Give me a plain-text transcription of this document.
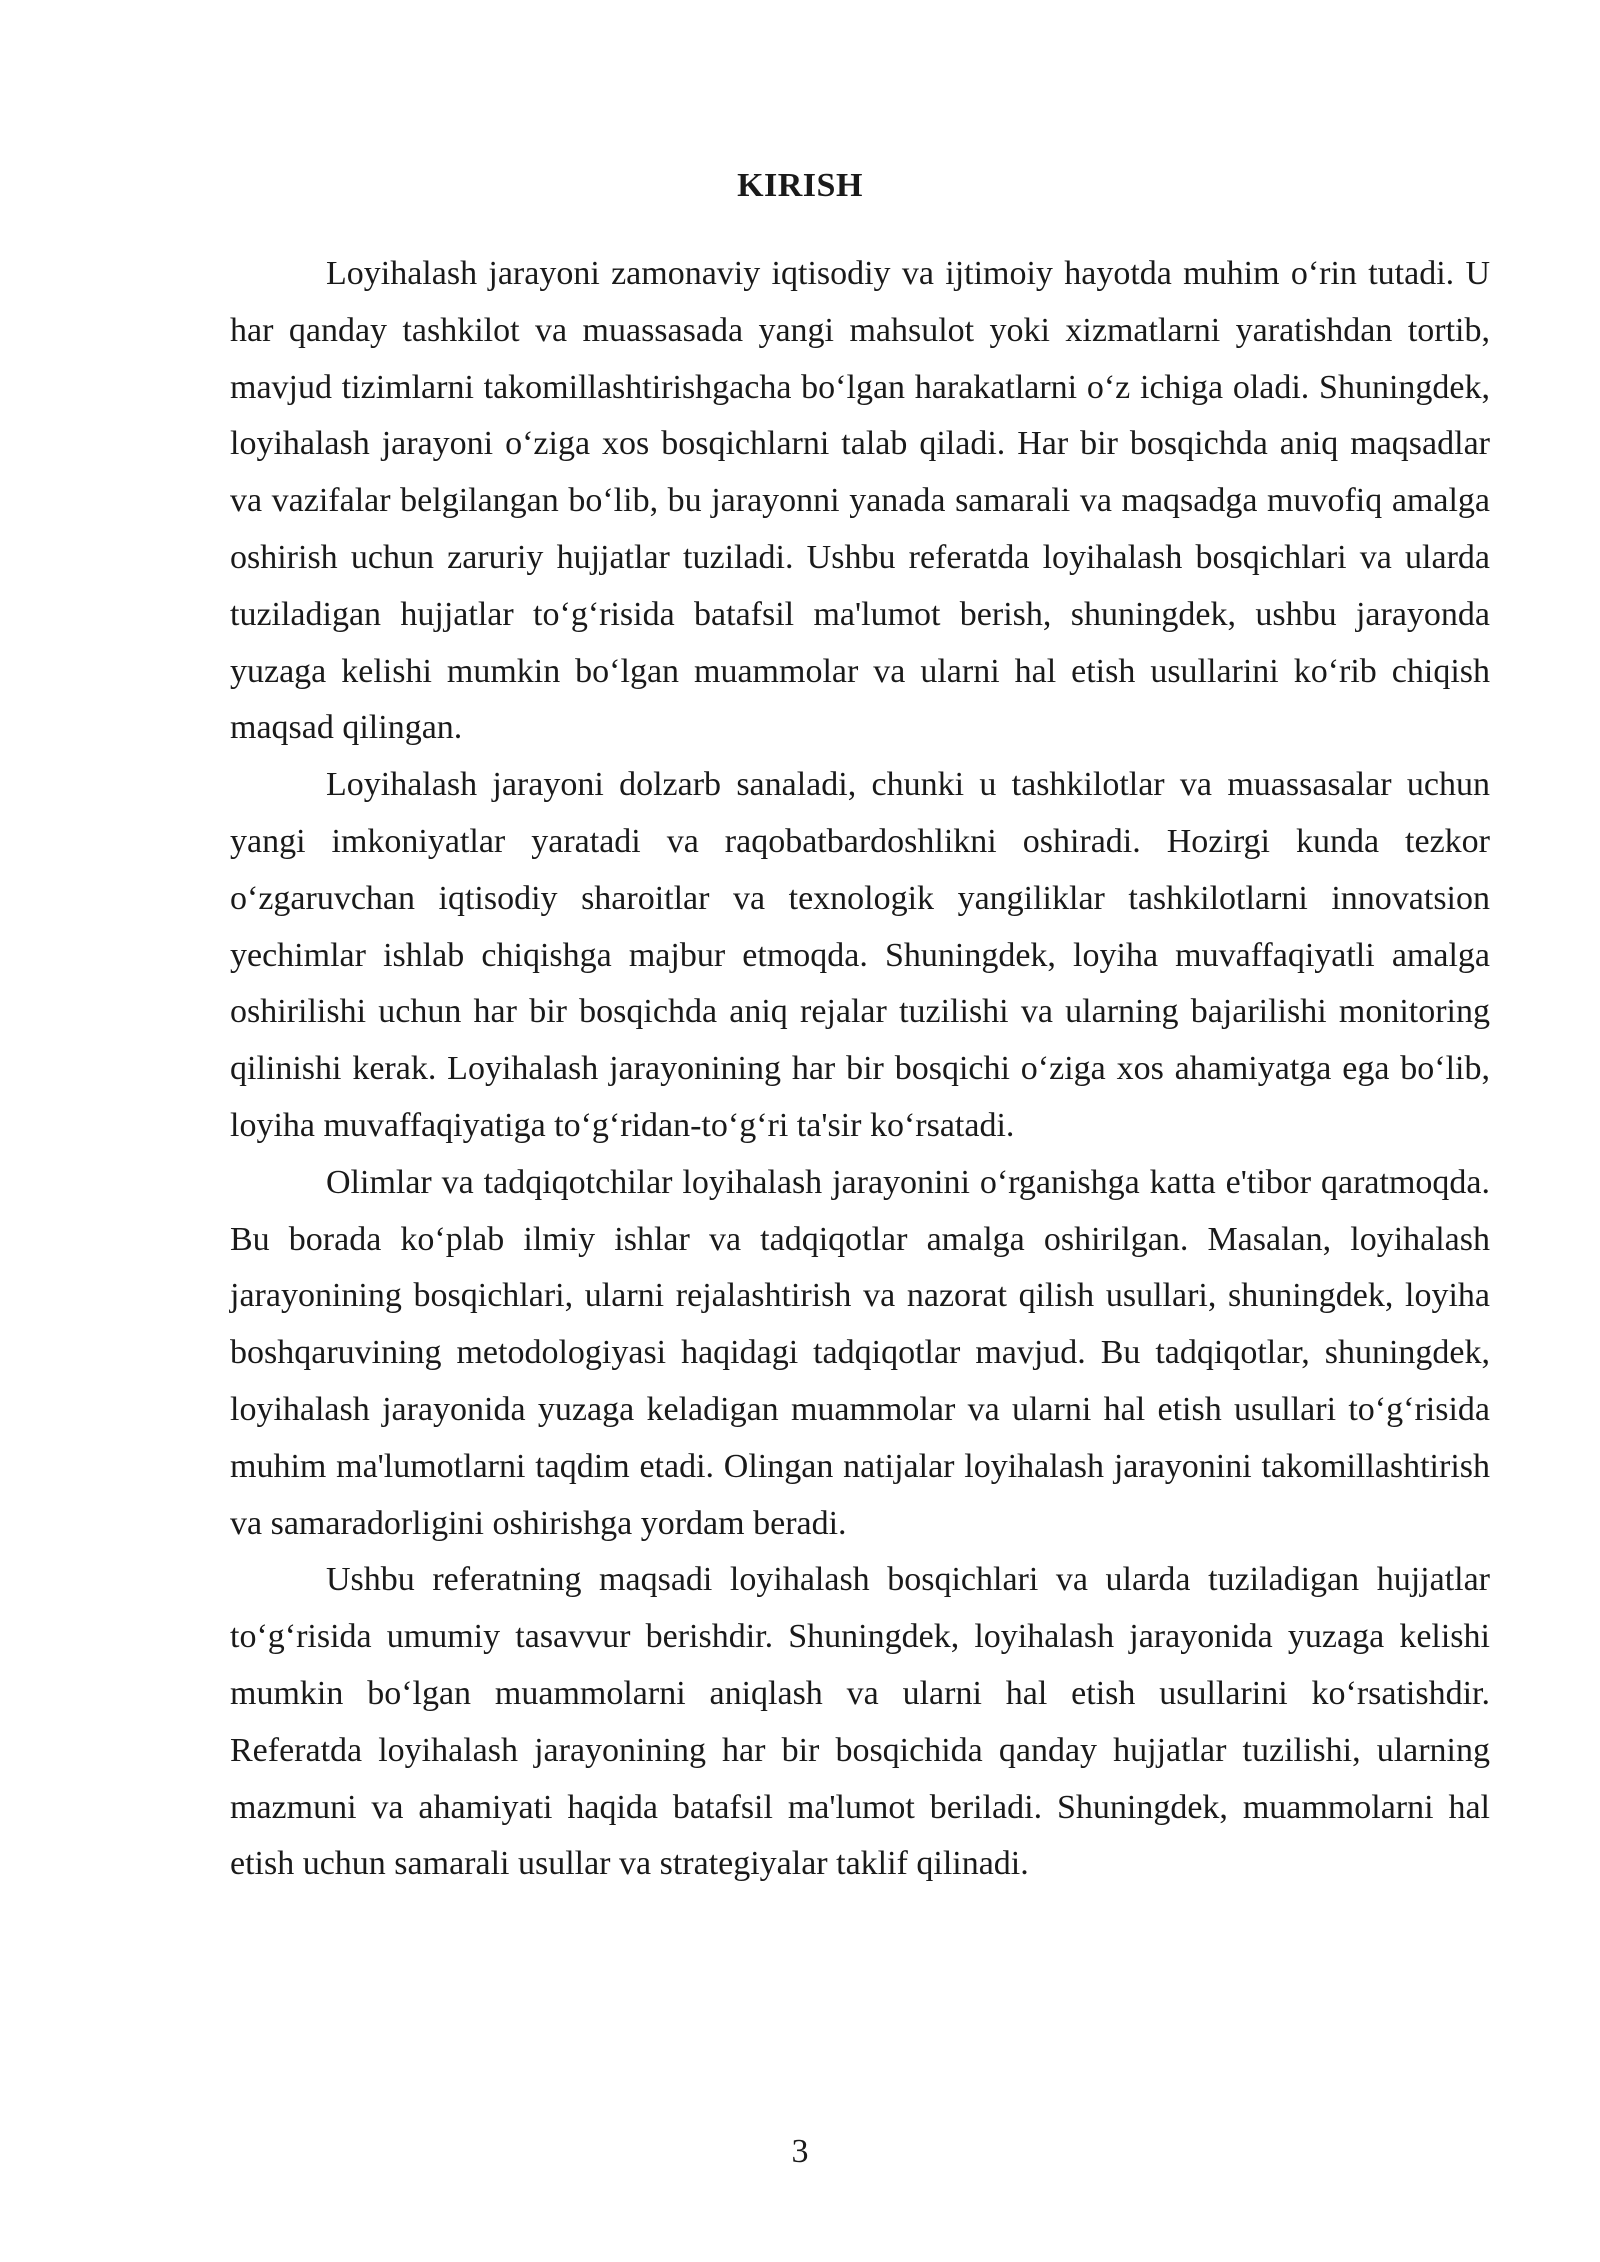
KIRISH

Loyihalash jarayoni zamonaviy iqtisodiy va ijtimoiy hayotda muhim o‘rin tutadi. U har qanday tashkilot va muassasada yangi mahsulot yoki xizmatlarni yaratishdan tortib, mavjud tizimlarni takomillashtirishgacha bo‘lgan harakatlarni o‘z ichiga oladi. Shuningdek, loyihalash jarayoni o‘ziga xos bosqichlarni talab qiladi. Har bir bosqichda aniq maqsadlar va vazifalar belgilangan bo‘lib, bu jarayonni yanada samarali va maqsadga muvofiq amalga oshirish uchun zaruriy hujjatlar tuziladi. Ushbu referatda loyihalash bosqichlari va ularda tuziladigan hujjatlar to‘g‘risida batafsil ma'lumot berish, shuningdek, ushbu jarayonda yuzaga kelishi mumkin bo‘lgan muammolar va ularni hal etish usullarini ko‘rib chiqish maqsad qilingan.

Loyihalash jarayoni dolzarb sanaladi, chunki u tashkilotlar va muassasalar uchun yangi imkoniyatlar yaratadi va raqobatbardoshlikni oshiradi. Hozirgi kunda tezkor o‘zgaruvchan iqtisodiy sharoitlar va texnologik yangiliklar tashkilotlarni innovatsion yechimlar ishlab chiqishga majbur etmoqda. Shuningdek, loyiha muvaffaqiyatli amalga oshirilishi uchun har bir bosqichda aniq rejalar tuzilishi va ularning bajarilishi monitoring qilinishi kerak. Loyihalash jarayonining har bir bosqichi o‘ziga xos ahamiyatga ega bo‘lib, loyiha muvaffaqiyatiga to‘g‘ridan-to‘g‘ri ta'sir ko‘rsatadi.

Olimlar va tadqiqotchilar loyihalash jarayonini o‘rganishga katta e'tibor qaratmoqda. Bu borada ko‘plab ilmiy ishlar va tadqiqotlar amalga oshirilgan. Masalan, loyihalash jarayonining bosqichlari, ularni rejalashtirish va nazorat qilish usullari, shuningdek, loyiha boshqaruvining metodologiyasi haqidagi tadqiqotlar mavjud. Bu tadqiqotlar, shuningdek, loyihalash jarayonida yuzaga keladigan muammolar va ularni hal etish usullari to‘g‘risida muhim ma'lumotlarni taqdim etadi. Olingan natijalar loyihalash jarayonini takomillashtirish va samaradorligini oshirishga yordam beradi.

Ushbu referatning maqsadi loyihalash bosqichlari va ularda tuziladigan hujjatlar to‘g‘risida umumiy tasavvur berishdir. Shuningdek, loyihalash jarayonida yuzaga kelishi mumkin bo‘lgan muammolarni aniqlash va ularni hal etish usullarini ko‘rsatishdir. Referatda loyihalash jarayonining har bir bosqichida qanday hujjatlar tuzilishi, ularning mazmuni va ahamiyati haqida batafsil ma'lumot beriladi. Shuningdek, muammolarni hal etish uchun samarali usullar va strategiyalar taklif qilinadi.

3
